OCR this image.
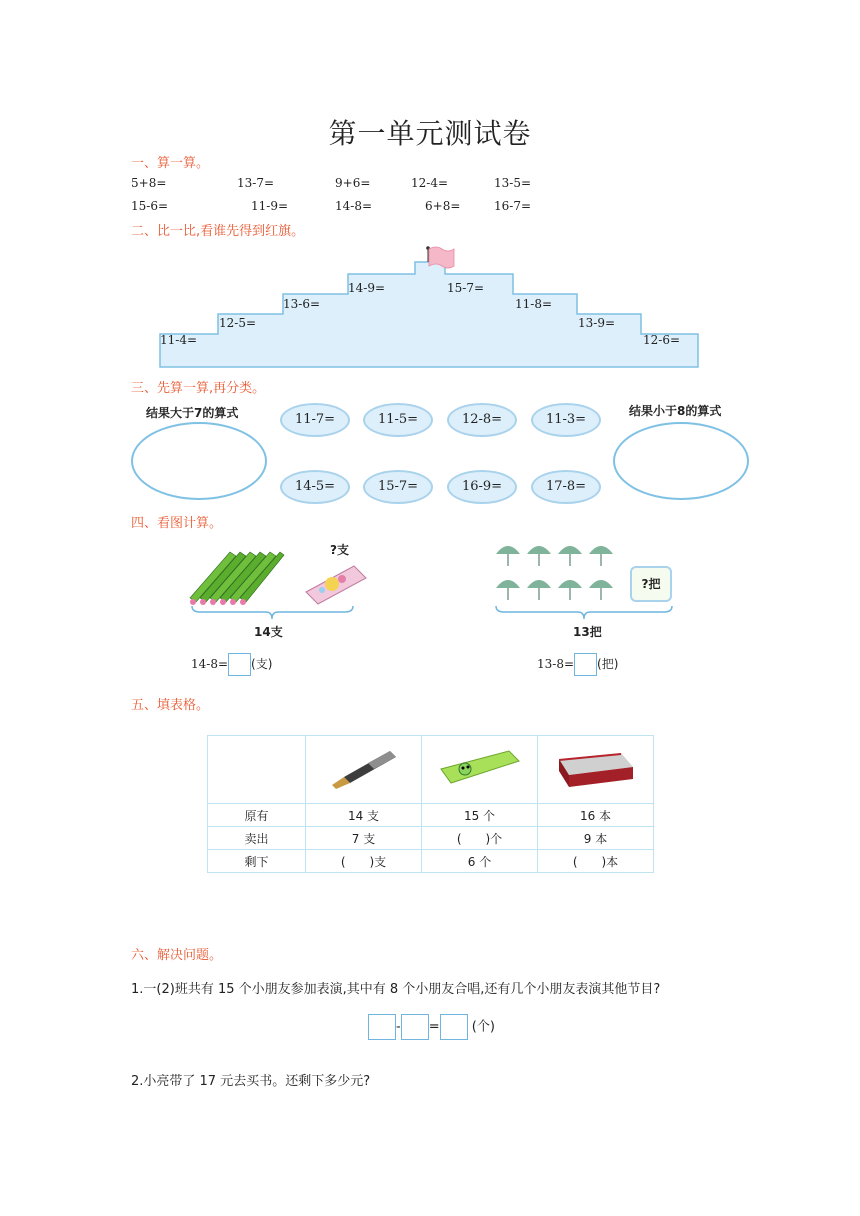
第一单元测试卷
一、算一算。
5+8=	13-7=	9+6=	12-4=	13-5=
15-6=	11-9=	14-8=	6+8=	16-7=
二、比一比,看谁先得到红旗。
11-4=
12-5=
13-6=
14-9=	15-7=
11-8=
13-9=
12-6=
三、先算一算,再分类。
结果大于7的算式	结果小于8的算式
11-7=	11-5=	12-8=	11-3=
14-5=	15-7=	16-9=	17-8=
四、看图计算。
?支
14支
14-8= (支)
?把
13把
13-8= (把)
五、填表格。

原有	14 支	15 个	16 本
卖出	7 支	(　　)个	9 本
剩下	(　　)支	6 个	(　　)本
六、解决问题。
1.一(2)班共有 15 个小朋友参加表演,其中有 8 个小朋友合唱,还有几个小朋友表演其他节目?
- = (个)
2.小亮带了 17 元去买书。还剩下多少元?
